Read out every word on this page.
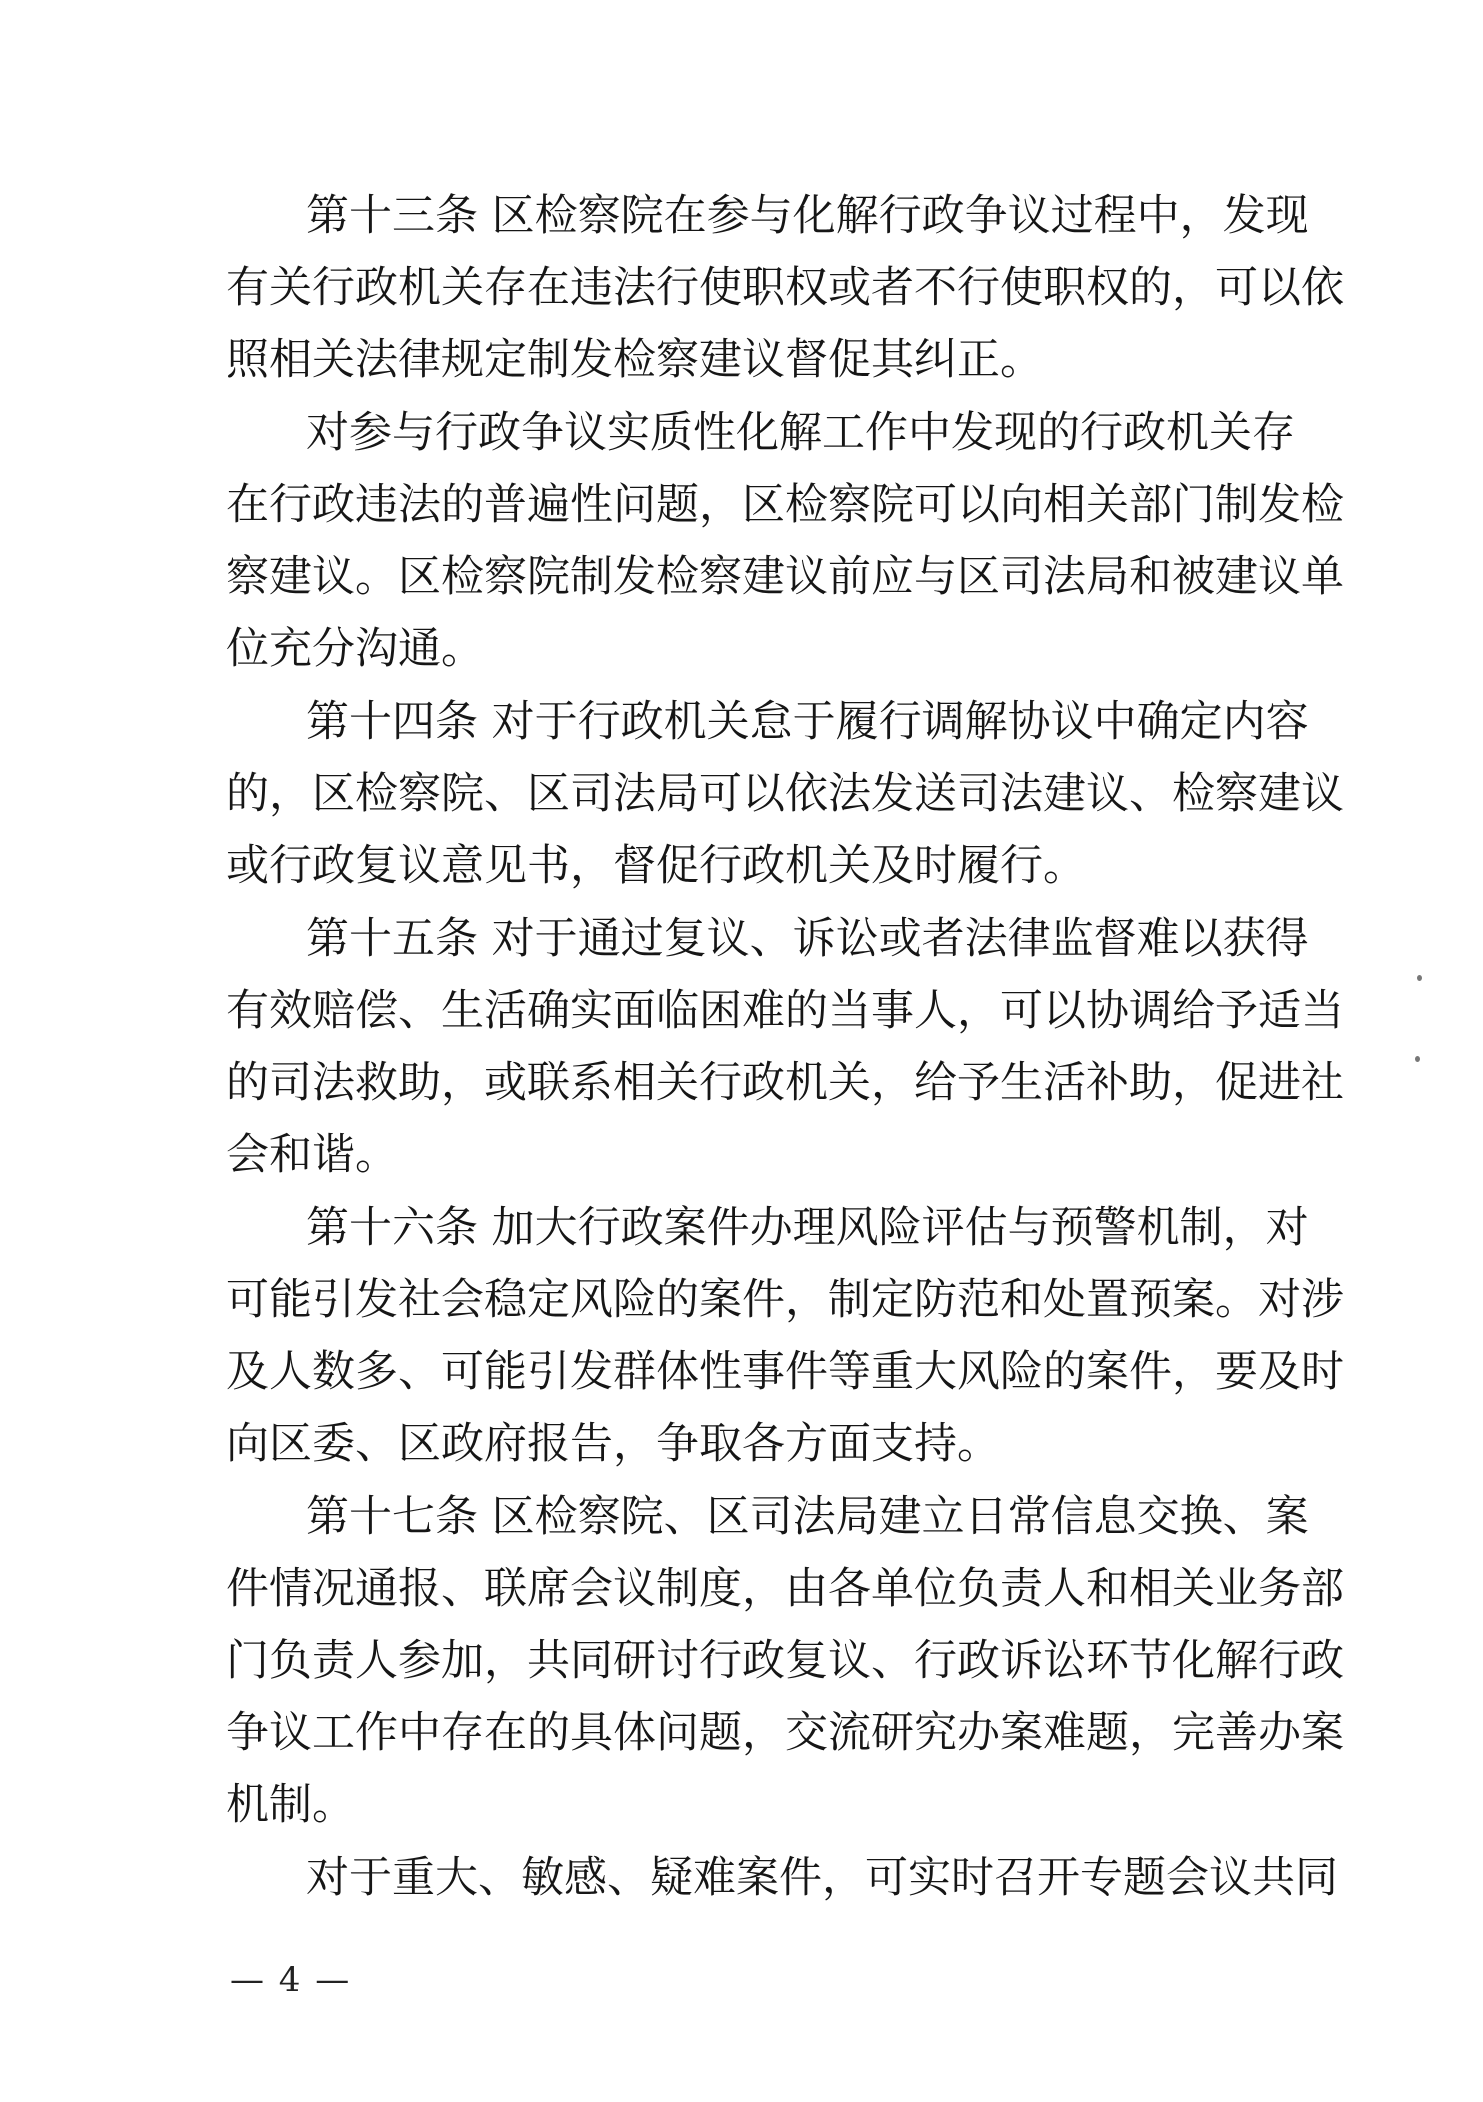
第十三条 区检察院在参与化解行政争议过程中，发现
有关行政机关存在违法行使职权或者不行使职权的，可以依
照相关法律规定制发检察建议督促其纠正。
对参与行政争议实质性化解工作中发现的行政机关存
在行政违法的普遍性问题，区检察院可以向相关部门制发检
察建议。区检察院制发检察建议前应与区司法局和被建议单
位充分沟通。
第十四条 对于行政机关怠于履行调解协议中确定内容
的，区检察院、区司法局可以依法发送司法建议、检察建议
或行政复议意见书，督促行政机关及时履行。
第十五条 对于通过复议、诉讼或者法律监督难以获得
有效赔偿、生活确实面临困难的当事人，可以协调给予适当
的司法救助，或联系相关行政机关，给予生活补助，促进社
会和谐。
第十六条 加大行政案件办理风险评估与预警机制，对
可能引发社会稳定风险的案件，制定防范和处置预案。对涉
及人数多、可能引发群体性事件等重大风险的案件，要及时
向区委、区政府报告，争取各方面支持。
第十七条 区检察院、区司法局建立日常信息交换、案
件情况通报、联席会议制度，由各单位负责人和相关业务部
门负责人参加，共同研讨行政复议、行政诉讼环节化解行政
争议工作中存在的具体问题，交流研究办案难题，完善办案
机制。
对于重大、敏感、疑难案件，可实时召开专题会议共同
— 4 —
